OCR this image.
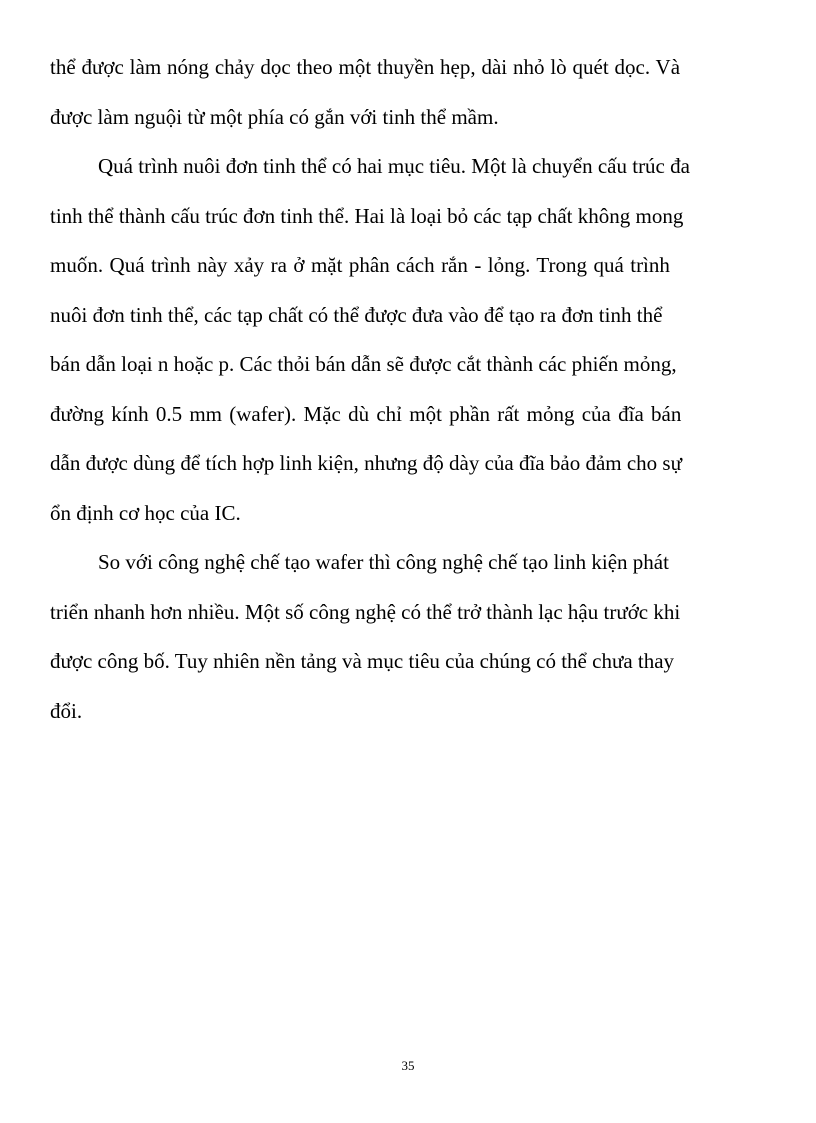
thể được làm nóng chảy dọc theo một thuyền hẹp, dài nhỏ lò quét dọc. Và
được làm nguội từ một phía có gắn với tinh thể mầm.
Quá trình nuôi đơn tinh thể có hai mục tiêu. Một là chuyển cấu trúc đa
tinh thể thành cấu trúc đơn tinh thể. Hai là loại bỏ các tạp chất không mong
muốn. Quá trình này xảy ra ở mặt phân cách rắn - lỏng. Trong quá trình
nuôi đơn tinh thể, các tạp chất có thể được đưa vào để tạo ra đơn tinh thể
bán dẫn loại n hoặc p. Các thỏi bán dẫn sẽ được cắt thành các phiến mỏng,
đường kính 0.5 mm (wafer). Mặc dù chỉ một phần rất mỏng của đĩa bán
dẫn được dùng để tích hợp linh kiện, nhưng độ dày của đĩa bảo đảm cho sự
ổn định cơ học của IC.
So với công nghệ chế tạo wafer thì công nghệ chế tạo linh kiện phát
triển nhanh hơn nhiều. Một số công nghệ có thể trở thành lạc hậu trước khi
được công bố. Tuy nhiên nền tảng và mục tiêu của chúng có thể chưa thay
đổi.
35
